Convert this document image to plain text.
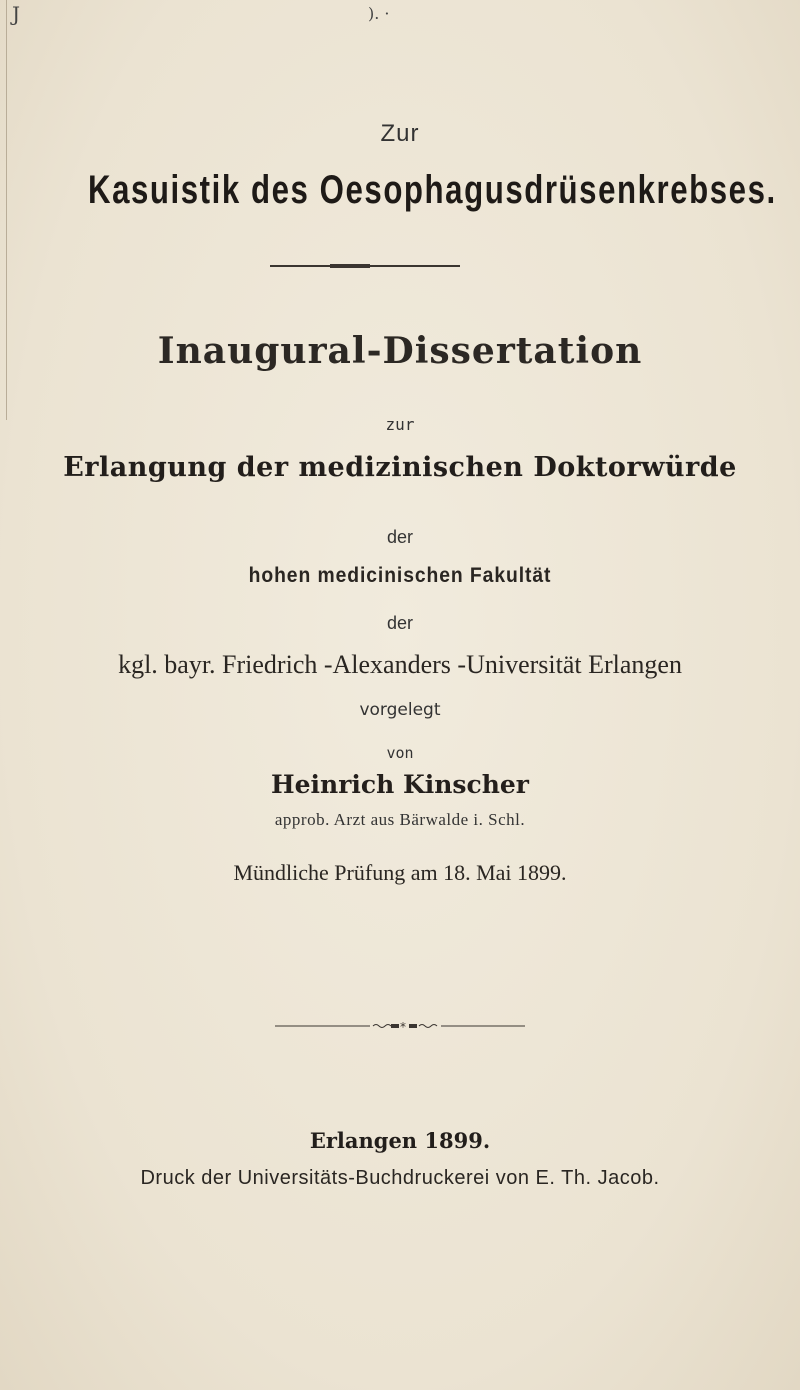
J	). ·
Zur
Kasuistik des Oesophagusdrüsenkrebses.
Inaugural-Dissertation
zur
Erlangung der medizinischen Doktorwürde
der
hohen medicinischen Fakultät
der
kgl. bayr. Friedrich -Alexanders -Universität Erlangen
vorgelegt
von
Heinrich Kinscher
approb. Arzt aus Bärwalde i. Schl.
Mündliche Prüfung am 18. Mai 1899.
*
Erlangen 1899.
Druck der Universitäts-Buchdruckerei von E. Th. Jacob.
